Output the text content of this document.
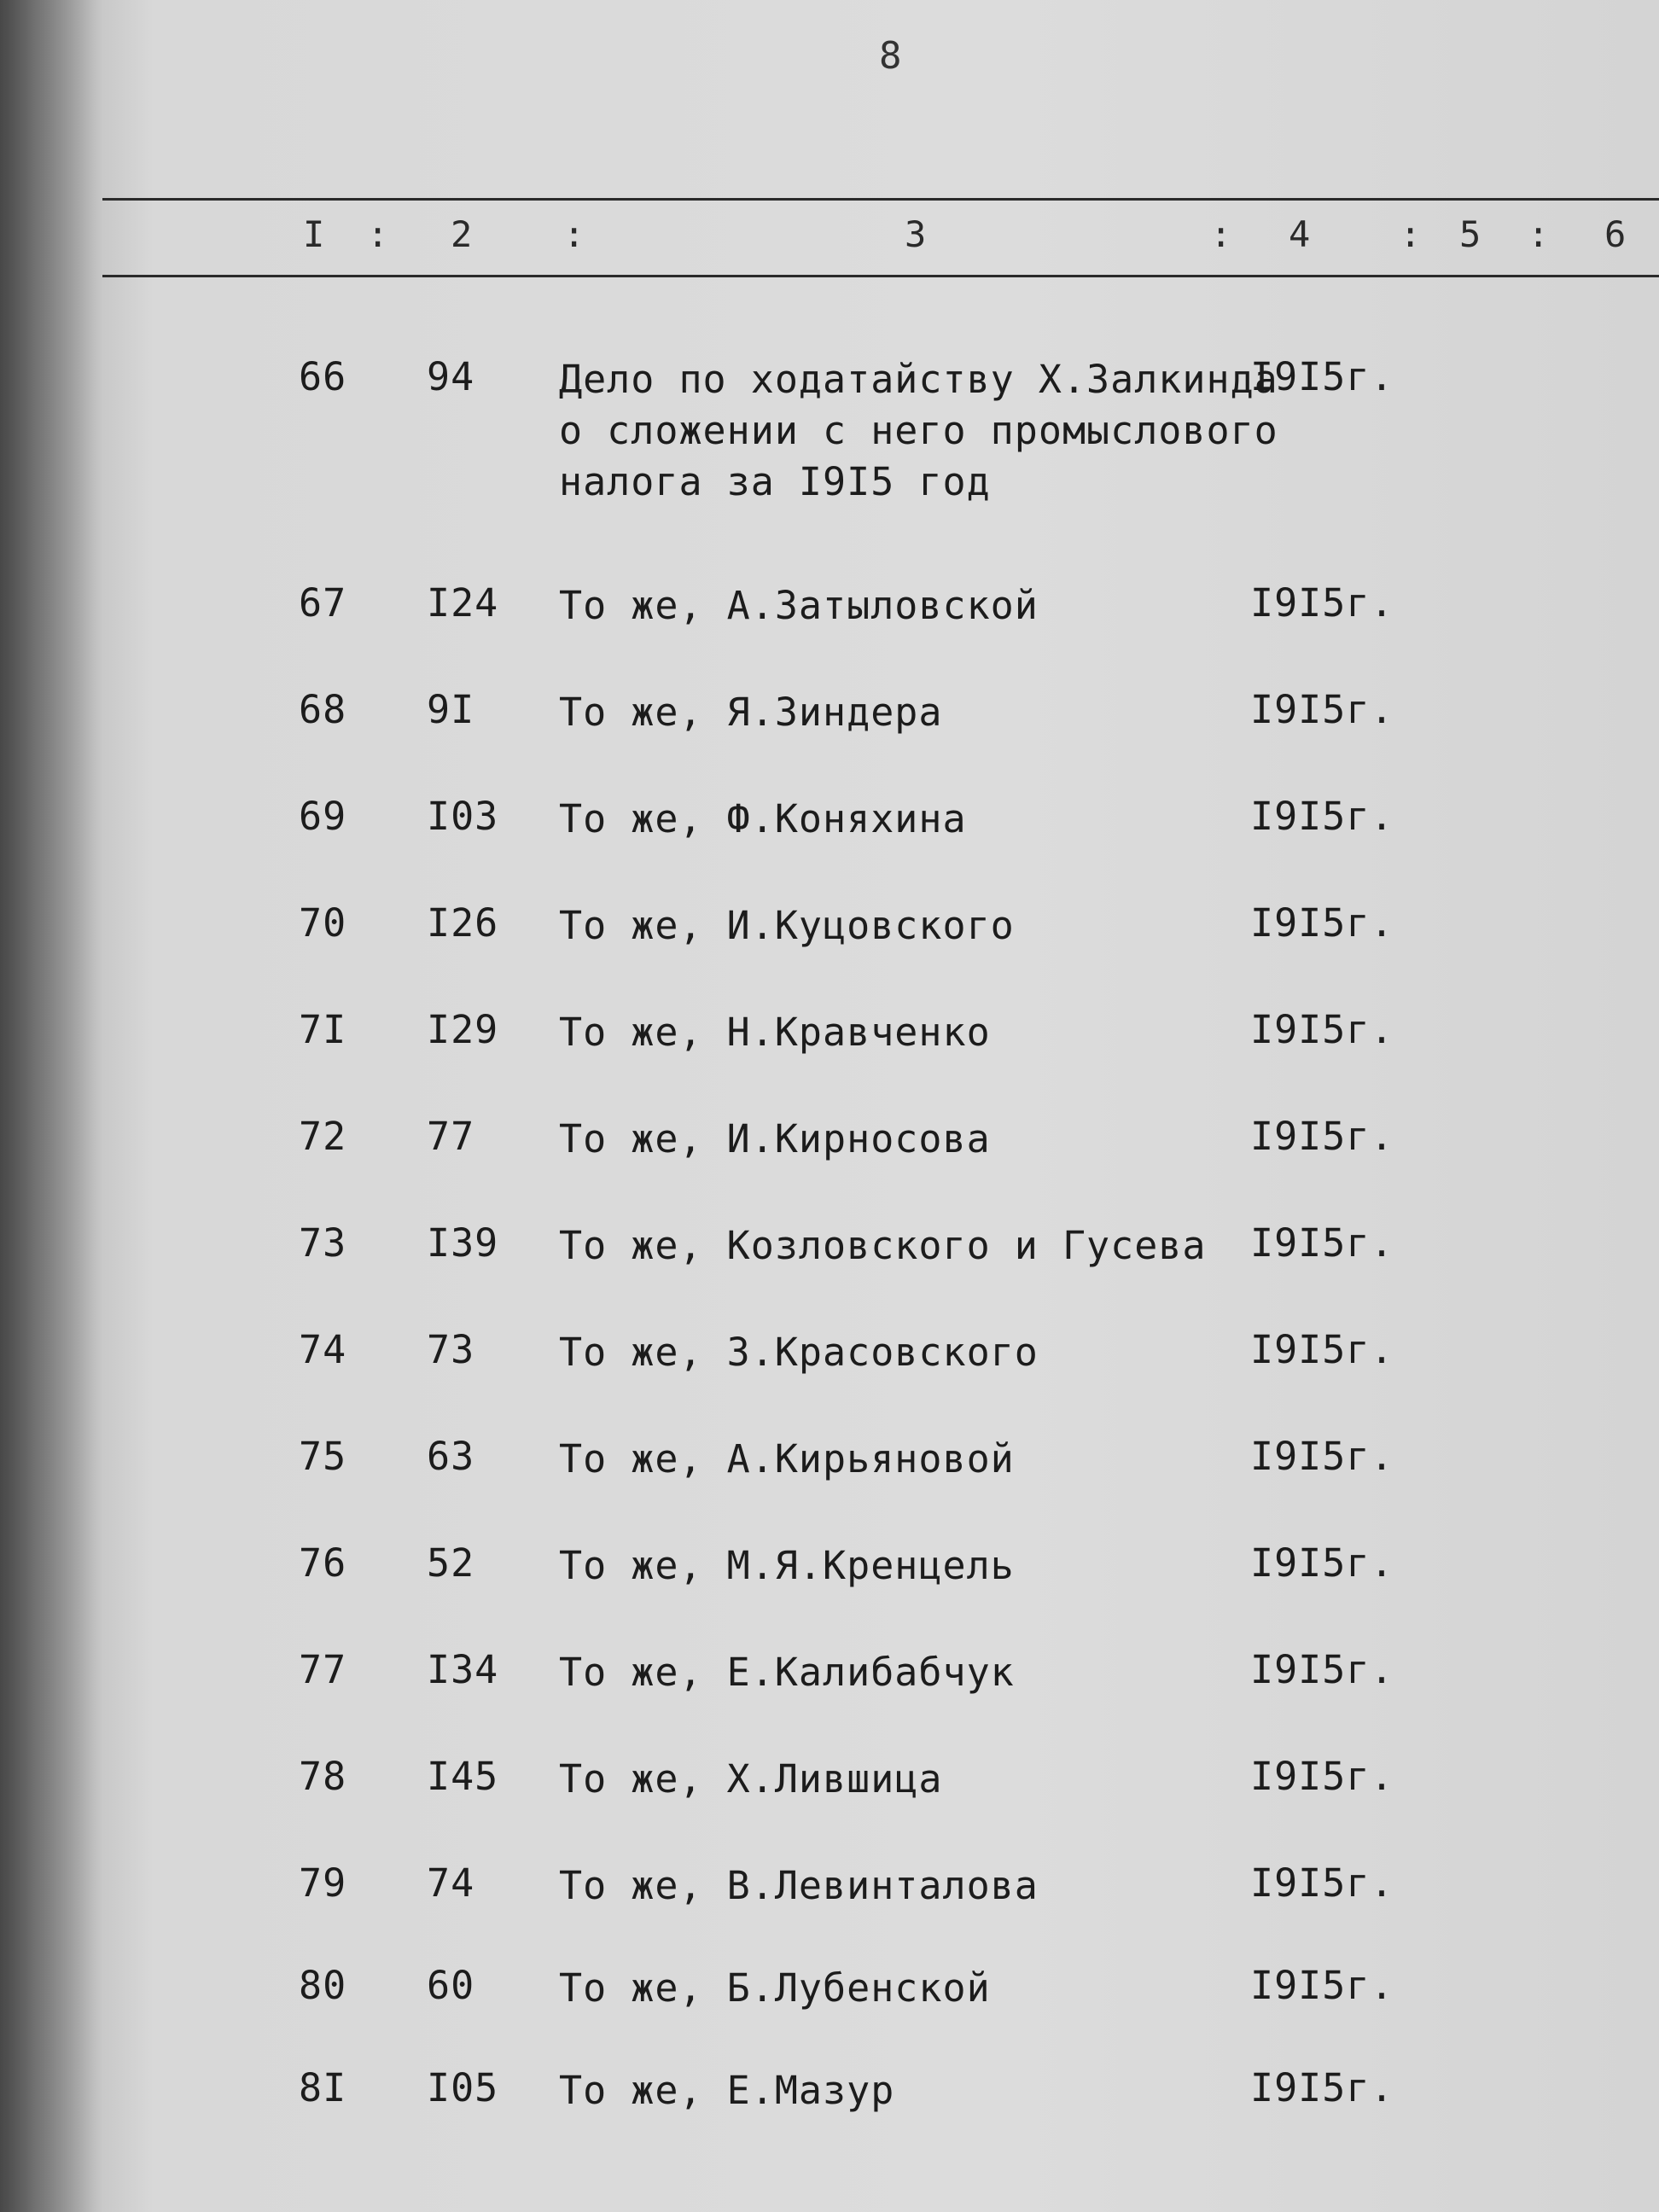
8
I : 2	:	3	: 4 : 5 : 6
66 94 Дело по ходатайству Х.Залкинда
о сложении с него промыслового
налога за I9I5 год
I9I5г.
67 I24 То же, А.Затыловской	I9I5г.
68 9I То же, Я.Зиндера	I9I5г.
69 I03 То же, Ф.Коняхина	I9I5г.
70 I26 То же, И.Куцовского	I9I5г.
7I I29 То же, Н.Кравченко	I9I5г.
72 77 То же, И.Кирносова	I9I5г.
73 I39 То же, Козловского и Гусева I9I5г.
74 73 То же, З.Красовского	I9I5г.
75 63 То же, А.Кирьяновой	I9I5г.
76 52 То же, М.Я.Кренцель	I9I5г.
77 I34 То же, Е.Калибабчук	I9I5г.
78 I45 То же, Х.Лившица	I9I5г.
79 74 То же, В.Левинталова	I9I5г.
80 60 То же, Б.Лубенской	I9I5г.
8I I05 То же, Е.Мазур	I9I5г.
